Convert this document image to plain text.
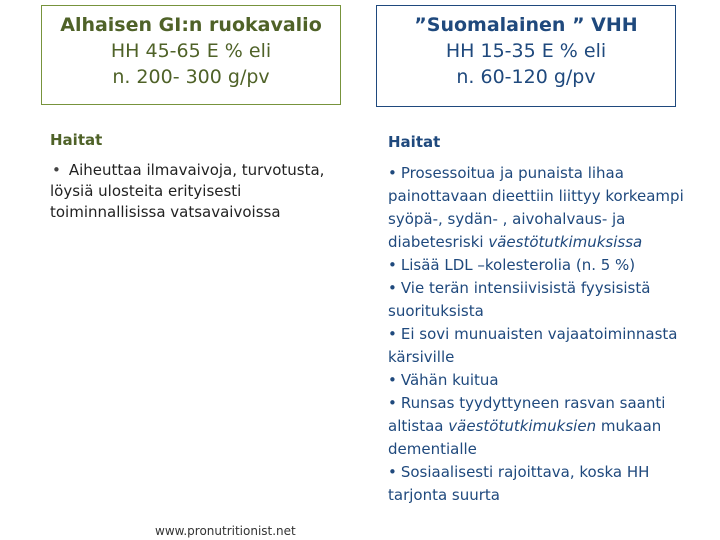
Alhaisen GI:n ruokavalio
HH 45-65 E % eli
n. 200- 300 g/pv
”Suomalainen ” VHH
HH 15-35 E % eli
n. 60-120 g/pv
Haitat
• Aiheuttaa ilmavaivoja, turvotusta,
löysiä ulosteita erityisesti
toiminnallisissa vatsavaivoissa
Haitat
• Prosessoitua ja punaista lihaa
painottavaan dieettiin liittyy korkeampi
syöpä-, sydän- , aivohalvaus- ja
diabetesriski väestötutkimuksissa
• Lisää LDL –kolesterolia (n. 5 %)
• Vie terän intensiivisistä fyysisistä
suorituksista
• Ei sovi munuaisten vajaatoiminnasta
kärsiville
• Vähän kuitua
• Runsas tyydyttyneen rasvan saanti
altistaa väestötutkimuksien mukaan
dementialle
• Sosiaalisesti rajoittava, koska HH
tarjonta suurta
www.pronutritionist.net
